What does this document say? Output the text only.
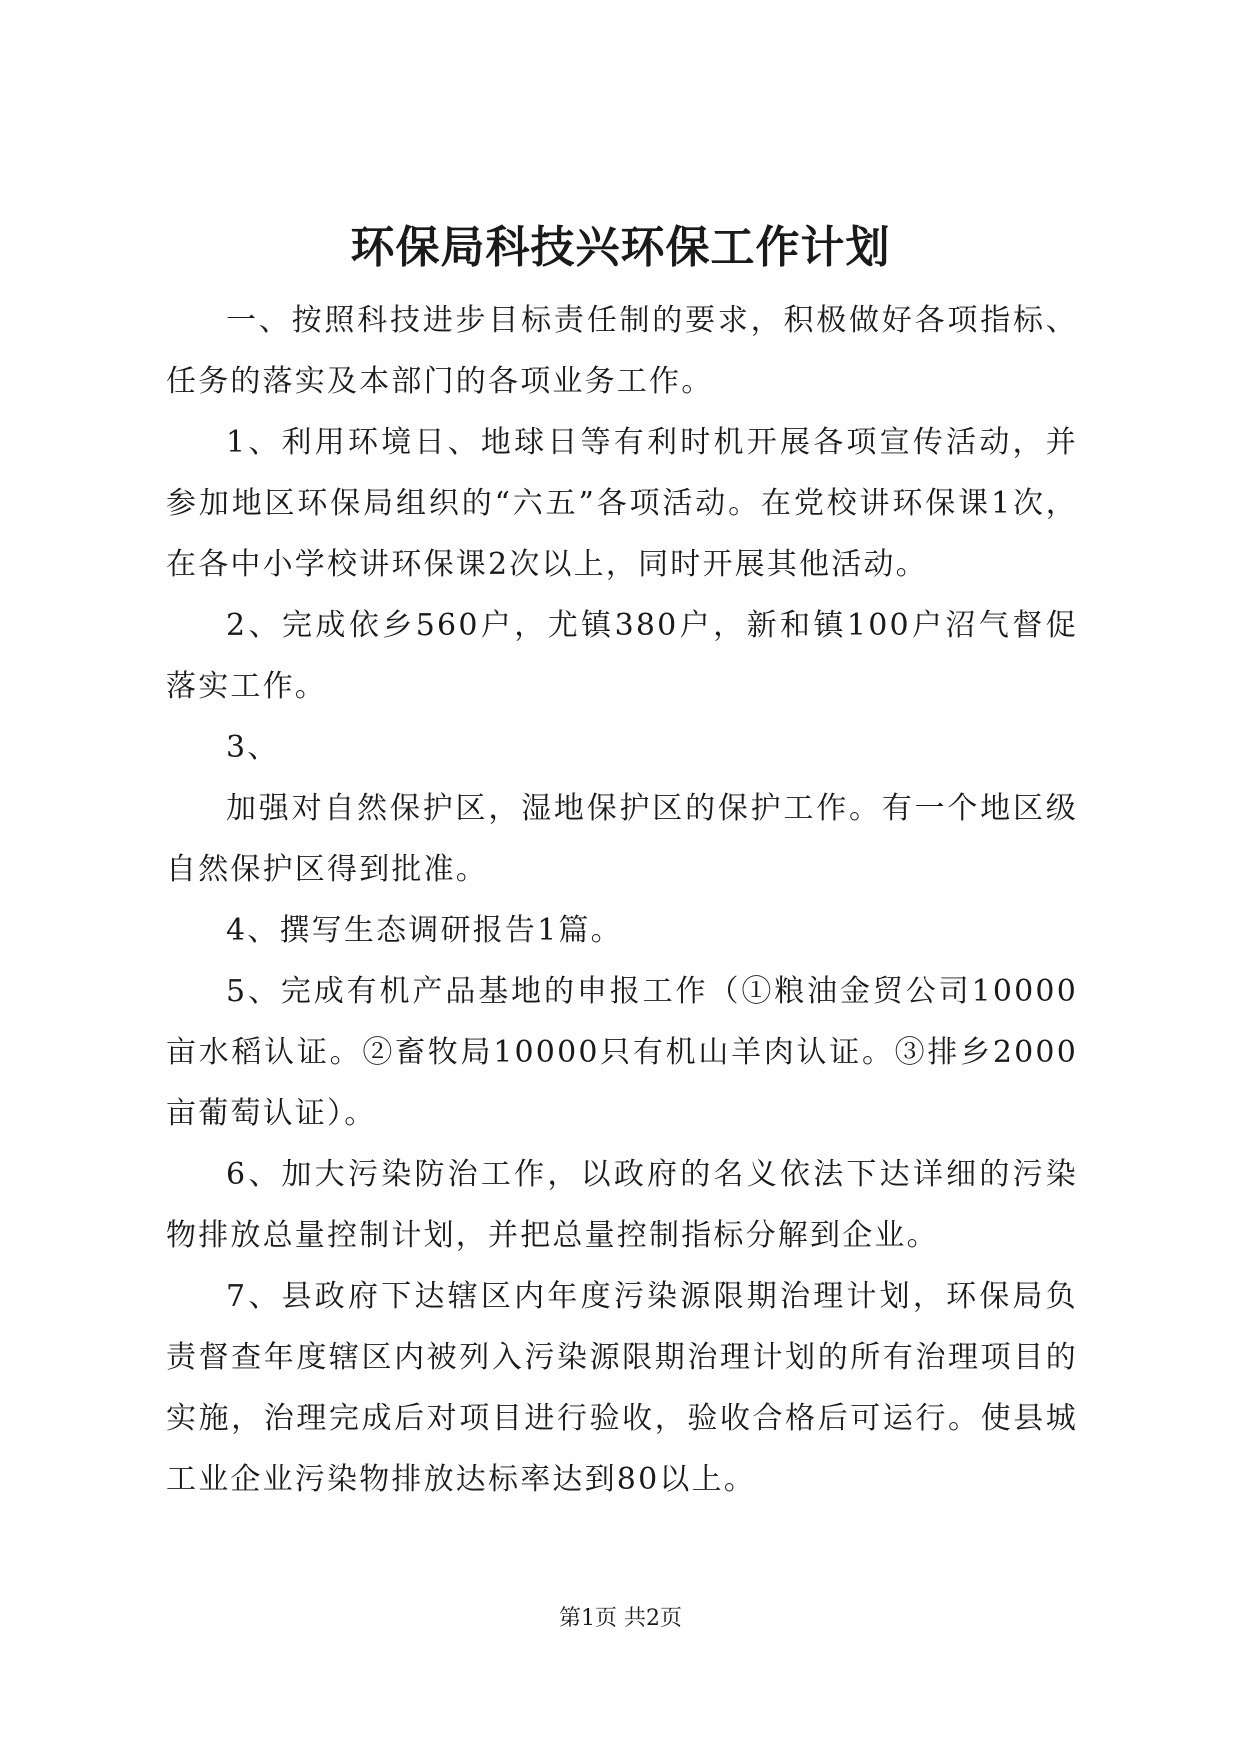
环保局科技兴环保工作计划

一、按照科技进步目标责任制的要求，积极做好各项指标、任务的落实及本部门的各项业务工作。

1、利用环境日、地球日等有利时机开展各项宣传活动，并参加地区环保局组织的“六五”各项活动。在党校讲环保课1次，在各中小学校讲环保课2次以上，同时开展其他活动。

2、完成依乡560户，尤镇380户，新和镇100户沼气督促落实工作。

3、

加强对自然保护区，湿地保护区的保护工作。有一个地区级自然保护区得到批准。

4、撰写生态调研报告1篇。

5、完成有机产品基地的申报工作（①粮油金贸公司10000亩水稻认证。②畜牧局10000只有机山羊肉认证。③排乡2000亩葡萄认证）。

6、加大污染防治工作，以政府的名义依法下达详细的污染物排放总量控制计划，并把总量控制指标分解到企业。

7、县政府下达辖区内年度污染源限期治理计划，环保局负责督查年度辖区内被列入污染源限期治理计划的所有治理项目的实施，治理完成后对项目进行验收，验收合格后可运行。使县城工业企业污染物排放达标率达到80以上。

第1页 共2页
